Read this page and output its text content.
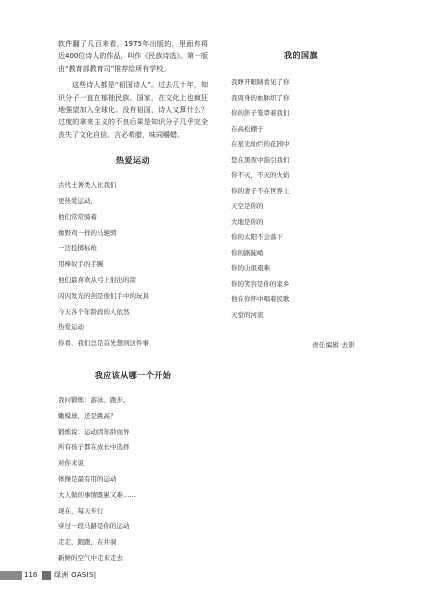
软件翻了几百来看，1975年出版的，里面有将近400位诗人的作品，叫作《民族诗选》。第一版由“教育部教育司”推荐给所有学校。

这些诗人都是“祖国诗人”。过去几十年，知识分子一直在郁抽民族、国家，在文化上也疯狂地强望加入全球化。没有祖国，诗人又算什么？过度的拿来主义的不良后果是知识分子几乎完全丧失了文化自信。言必希腊，味同嚼蜡。

热爱运动
古代土著类人比我们
更热爱运动，
他们常常骑着
像野鸡一样的马驰骋
一边投掷标枪
用棒奴手的手腕
他们最喜欢从弓上射出的箭
闪闪发光的剑是他们手中的玩具
今天各个年龄段的人依然
热爱运动
你看，我们总是首先想到这件事
我应该从哪一个开始
我问锻炼：游泳、跑步。
嫩模球，还是跳高？
锻炼说：运动因年龄而异
所有孩子都在成长中选择
对你来说
体操是最有用的运动
大人做的事情既累又难……
现在，每天步行
穿过一段马路是你的运动
走走，跑跑，在井洞
新鲜的空气中走来走去
我的国旗
我睁开眼睛看见了你
我周身的血脉织了你
你的影子笼罩着我们
在高松棚子
在星光灿烂的花园中
您在黑夜中指引我们
你不灭，不灭的火焰
你的妻子不在世界上
天空是你的
大地是你的
你的太阳不会落下
你的路陡峭
你的山很艰难
你的笑容是你的家乡
他在你怀中唱着民歌
天堂的河流
责任编辑 去影
116 绿洲 OASIS|
